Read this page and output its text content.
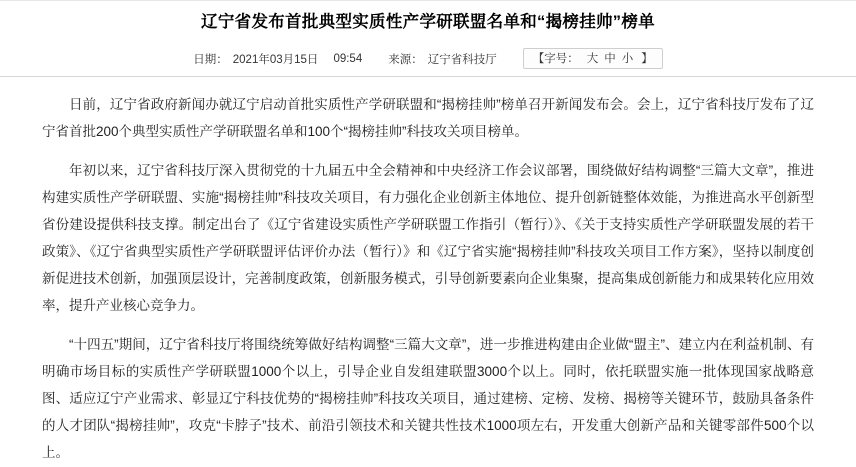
辽宁省发布首批典型实质性产学研联盟名单和“揭榜挂帅”榜单
日期： 2021年03月15日 09:54 来源： 辽宁省科技厅	【字号： 大 中 小 】

日前，辽宁省政府新闻办就辽宁启动首批实质性产学研联盟和“揭榜挂帅”榜单召开新闻发布会。会上，辽宁省科技厅发布了辽宁省首批200个典型实质性产学研联盟名单和100个“揭榜挂帅”科技攻关项目榜单。

年初以来，辽宁省科技厅深入贯彻党的十九届五中全会精神和中央经济工作会议部署，围绕做好结构调整“三篇大文章”，推进构建实质性产学研联盟、实施“揭榜挂帅”科技攻关项目，有力强化企业创新主体地位、提升创新链整体效能，为推进高水平创新型省份建设提供科技支撑。制定出台了《辽宁省建设实质性产学研联盟工作指引（暂行）》、《关于支持实质性产学研联盟发展的若干政策》、《辽宁省典型实质性产学研联盟评估评价办法（暂行）》和《辽宁省实施“揭榜挂帅”科技攻关项目工作方案》，坚持以制度创新促进技术创新，加强顶层设计，完善制度政策，创新服务模式，引导创新要素向企业集聚，提高集成创新能力和成果转化应用效率，提升产业核心竞争力。

“十四五”期间，辽宁省科技厅将围绕统筹做好结构调整“三篇大文章”，进一步推进构建由企业做“盟主”、建立内在利益机制、有明确市场目标的实质性产学研联盟1000个以上，引导企业自发组建联盟3000个以上。同时，依托联盟实施一批体现国家战略意图、适应辽宁产业需求、彰显辽宁科技优势的“揭榜挂帅”科技攻关项目，通过建榜、定榜、发榜、揭榜等关键环节，鼓励具备条件的人才团队“揭榜挂帅”，攻克“卡脖子”技术、前沿引领技术和关键共性技术1000项左右，开发重大创新产品和关键零部件500个以上。
